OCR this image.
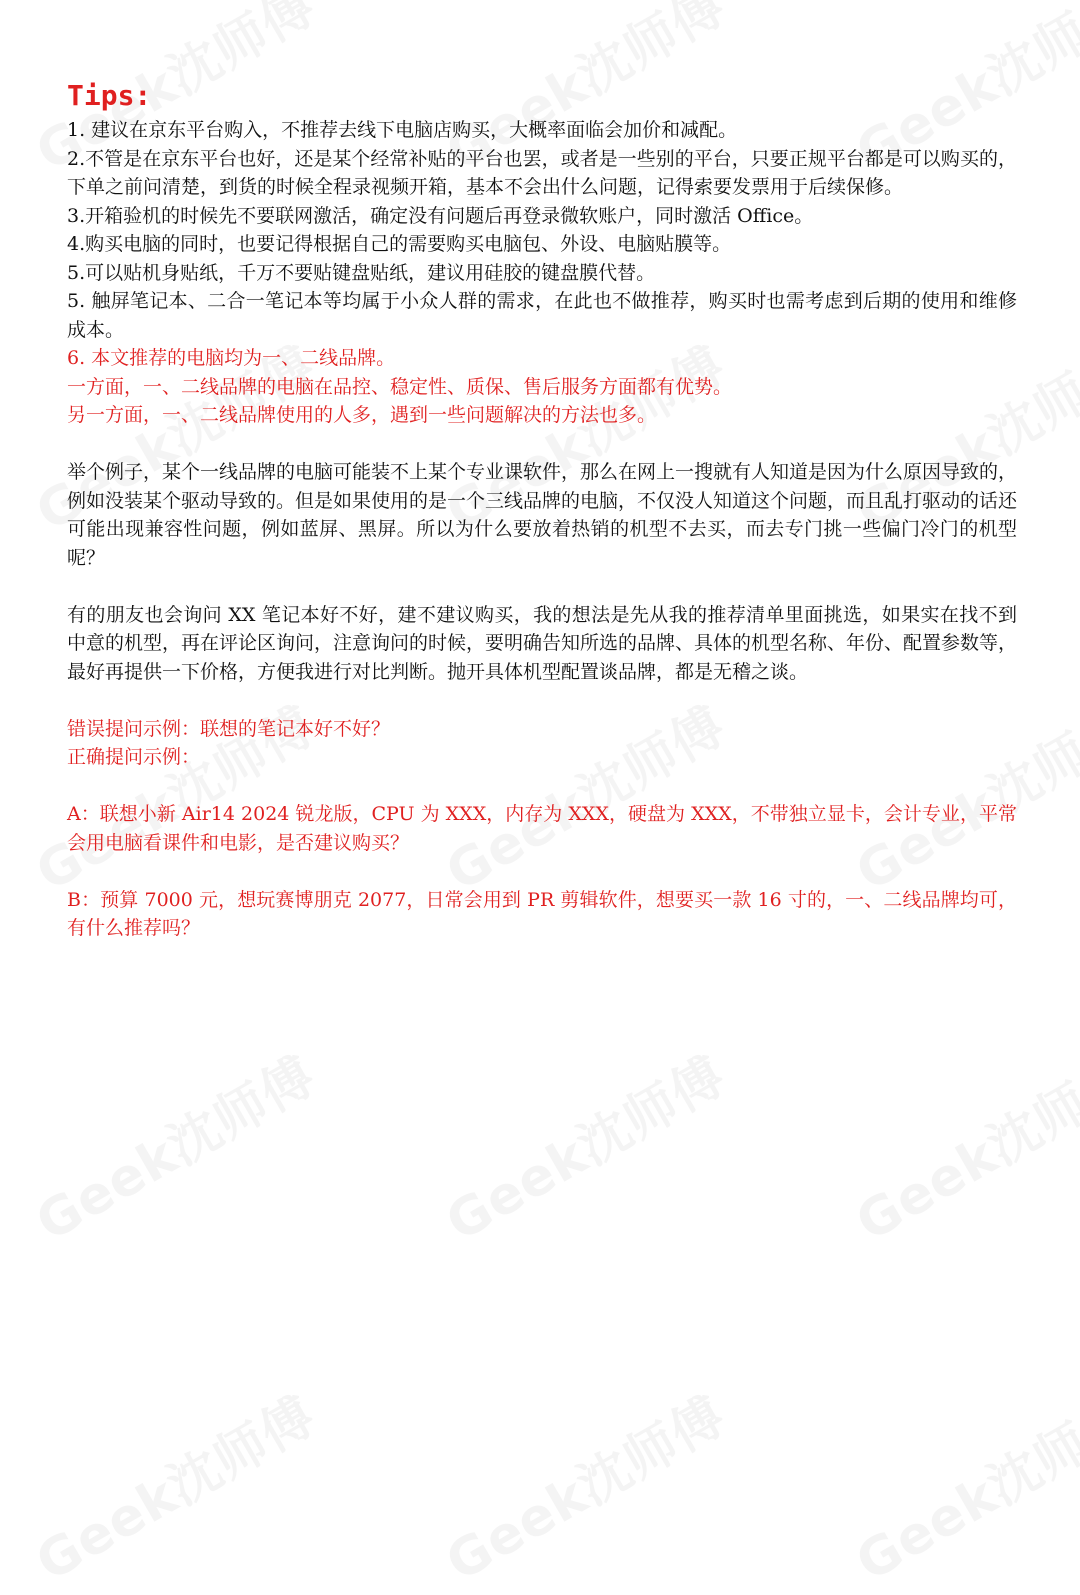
Tips:

1. 建议在京东平台购入，不推荐去线下电脑店购买，大概率面临会加价和减配。

2.不管是在京东平台也好，还是某个经常补贴的平台也罢，或者是一些别的平台，只要正规平台都是可以购买的，下单之前问清楚，到货的时候全程录视频开箱，基本不会出什么问题，记得索要发票用于后续保修。

3.开箱验机的时候先不要联网激活，确定没有问题后再登录微软账户，同时激活 Office。

4.购买电脑的同时，也要记得根据自己的需要购买电脑包、外设、电脑贴膜等。

5.可以贴机身贴纸，千万不要贴键盘贴纸，建议用硅胶的键盘膜代替。

5. 触屏笔记本、二合一笔记本等均属于小众人群的需求，在此也不做推荐，购买时也需考虑到后期的使用和维修成本。

6. 本文推荐的电脑均为一、二线品牌。

一方面，一、二线品牌的电脑在品控、稳定性、质保、售后服务方面都有优势。

另一方面，一、二线品牌使用的人多，遇到一些问题解决的方法也多。

举个例子，某个一线品牌的电脑可能装不上某个专业课软件，那么在网上一搜就有人知道是因为什么原因导致的，例如没装某个驱动导致的。但是如果使用的是一个三线品牌的电脑，不仅没人知道这个问题，而且乱打驱动的话还可能出现兼容性问题，例如蓝屏、黑屏。所以为什么要放着热销的机型不去买，而去专门挑一些偏门冷门的机型呢？

有的朋友也会询问 XX 笔记本好不好，建不建议购买，我的想法是先从我的推荐清单里面挑选，如果实在找不到中意的机型，再在评论区询问，注意询问的时候，要明确告知所选的品牌、具体的机型名称、年份、配置参数等，最好再提供一下价格，方便我进行对比判断。抛开具体机型配置谈品牌，都是无稽之谈。

错误提问示例：联想的笔记本好不好？

正确提问示例：

A：联想小新 Air14 2024 锐龙版，CPU 为 XXX，内存为 XXX，硬盘为 XXX，不带独立显卡，会计专业，平常会用电脑看课件和电影，是否建议购买？

B：预算 7000 元，想玩赛博朋克 2077，日常会用到 PR 剪辑软件，想要买一款 16 寸的，一、二线品牌均可，有什么推荐吗？
